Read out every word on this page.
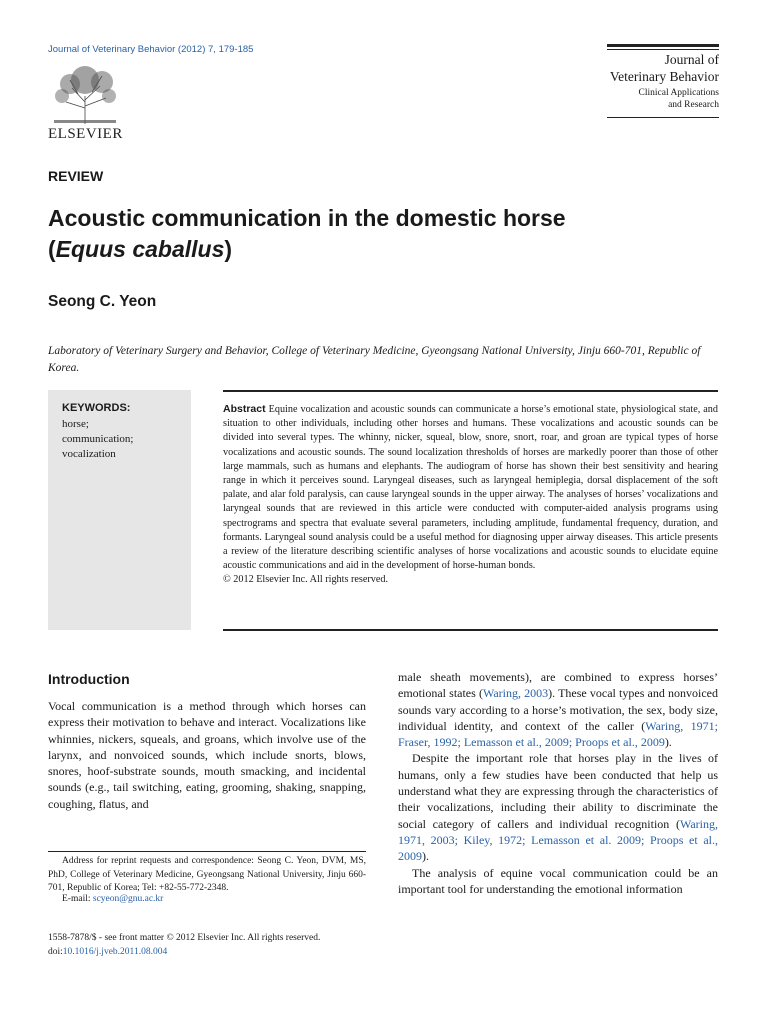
Journal of Veterinary Behavior (2012) 7, 179-185
ELSEVIER
Journal of
Veterinary Behavior
Clinical Applications
and Research
REVIEW
Acoustic communication in the domestic horse
(Equus caballus)
Seong C. Yeon
Laboratory of Veterinary Surgery and Behavior, College of Veterinary Medicine, Gyeongsang National University, Jinju 660-701, Republic of Korea.
KEYWORDS:
horse;
communication;
vocalization
Abstract Equine vocalization and acoustic sounds can communicate a horse’s emotional state, physiological state, and situation to other individuals, including other horses and humans. These vocalizations and acoustic sounds can be divided into several types. The whinny, nicker, squeal, blow, snore, snort, roar, and groan are typical types of horse vocalizations and acoustic sounds. The sound localization thresholds of horses are markedly poorer than those of other large mammals, such as humans and elephants. The audiogram of horse has shown their best sensitivity and hearing range in which it perceives sound. Laryngeal diseases, such as laryngeal hemiplegia, dorsal displacement of the soft palate, and alar fold paralysis, can cause laryngeal sounds in the upper airway. The analyses of horses’ vocalizations and laryngeal sounds that are reviewed in this article were conducted with computer-aided analysis programs using spectrograms and spectra that evaluate several parameters, including amplitude, fundamental frequency, duration, and formants. Laryngeal sound analysis could be a useful method for diagnosing upper airway diseases. This article presents a review of the literature describing scientific analyses of horse vocalizations and acoustic sounds to elucidate equine acoustic communications and aid in the development of horse-human bonds.
© 2012 Elsevier Inc. All rights reserved.
Introduction
Vocal communication is a method through which horses can express their motivation to behave and interact. Vocalizations like whinnies, nickers, squeals, and groans, which involve use of the larynx, and nonvoiced sounds, which include snorts, blows, snores, hoof-substrate sounds, mouth smacking, and incidental sounds (e.g., tail switching, eating, grooming, shaking, snapping, coughing, flatus, and

male sheath movements), are combined to express horses’ emotional states (Waring, 2003). These vocal types and nonvoiced sounds vary according to a horse’s motivation, the sex, body size, individual identity, and context of the caller (Waring, 1971; Fraser, 1992; Lemasson et al., 2009; Proops et al., 2009).

Despite the important role that horses play in the lives of humans, only a few studies have been conducted that help us understand what they are expressing through the characteristics of their vocalizations, including their ability to discriminate the social category of callers and individual recognition (Waring, 1971, 2003; Kiley, 1972; Lemasson et al. 2009; Proops et al., 2009).

The analysis of equine vocal communication could be an important tool for understanding the emotional information

Address for reprint requests and correspondence: Seong C. Yeon, DVM, MS, PhD, College of Veterinary Medicine, Gyeongsang National University, Jinju 660-701, Republic of Korea; Tel: +82-55-772-2348.
E-mail: scyeon@gnu.ac.kr
1558-7878/$ - see front matter © 2012 Elsevier Inc. All rights reserved.
doi:10.1016/j.jveb.2011.08.004
